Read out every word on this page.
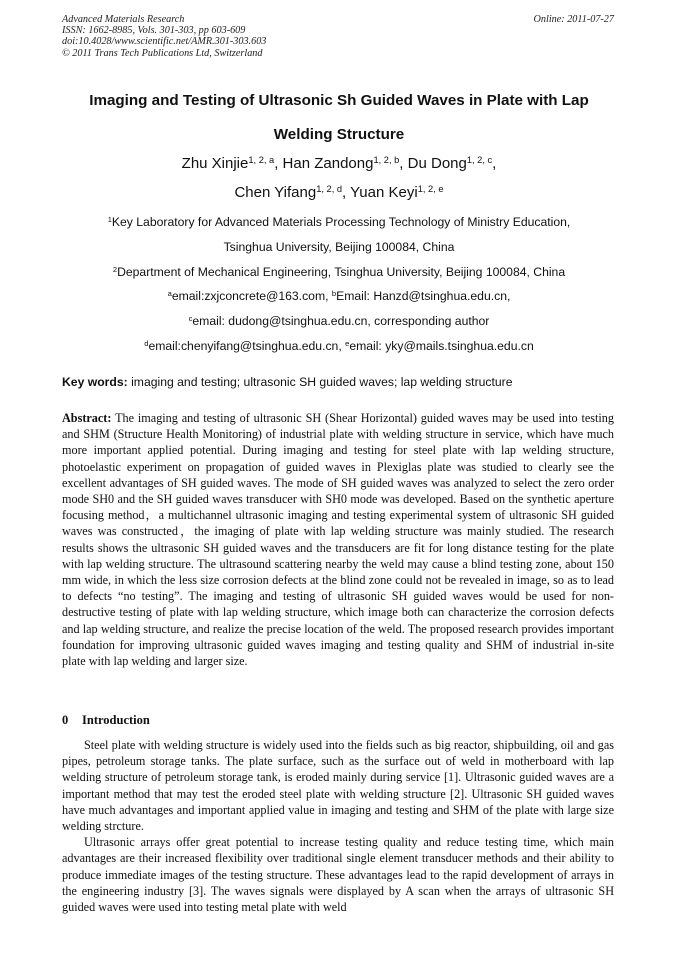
Advanced Materials Research
ISSN: 1662-8985, Vols. 301-303, pp 603-609
doi:10.4028/www.scientific.net/AMR.301-303.603
© 2011 Trans Tech Publications Ltd, Switzerland
Online: 2011-07-27
Imaging and Testing of Ultrasonic Sh Guided Waves in Plate with Lap
Welding Structure
Zhu Xinjie$^{1, 2, a}$, Han Zandong$^{1, 2, b}$, Du Dong$^{1, 2, c}$,
Chen Yifang$^{1, 2, d}$, Yuan Keyi$^{1, 2, e}$
$^1$Key Laboratory for Advanced Materials Processing Technology of Ministry Education,
Tsinghua University, Beijing 100084, China
$^2$Department of Mechanical Engineering, Tsinghua University, Beijing 100084, China
$^a$email:zxjconcrete@163.com, $^b$Email: Hanzd@tsinghua.edu.cn,
$^c$email: dudong@tsinghua.edu.cn, corresponding author
$^d$email:chenyifang@tsinghua.edu.cn, $^e$email: yky@mails.tsinghua.edu.cn
Key words: imaging and testing; ultrasonic SH guided waves; lap welding structure
Abstract: The imaging and testing of ultrasonic SH (Shear Horizontal) guided waves may be used into testing and SHM (Structure Health Monitoring) of industrial plate with welding structure in service, which have much more important applied potential. During imaging and testing for steel plate with lap welding structure, photoelastic experiment on propagation of guided waves in Plexiglas plate was studied to clearly see the excellent advantages of SH guided waves. The mode of SH guided waves was analyzed to select the zero order mode SH0 and the SH guided waves transducer with SH0 mode was developed. Based on the synthetic aperture focusing method，a multichannel ultrasonic imaging and testing experimental system of ultrasonic SH guided waves was constructed，the imaging of plate with lap welding structure was mainly studied. The research results shows the ultrasonic SH guided waves and the transducers are fit for long distance testing for the plate with lap welding structure. The ultrasound scattering nearby the weld may cause a blind testing zone, about 150 mm wide, in which the less size corrosion defects at the blind zone could not be revealed in image, so as to lead to defects “no testing”. The imaging and testing of ultrasonic SH guided waves would be used for non-destructive testing of plate with lap welding structure, which image both can characterize the corrosion defects and lap welding structure, and realize the precise location of the weld. The proposed research provides important foundation for improving ultrasonic guided waves imaging and testing quality and SHM of industrial in-site plate with lap welding and larger size.
0 Introduction

Steel plate with welding structure is widely used into the fields such as big reactor, shipbuilding, oil and gas pipes, petroleum storage tanks. The plate surface, such as the surface out of weld in motherboard with lap welding structure of petroleum storage tank, is eroded mainly during service [1]. Ultrasonic guided waves are a important method that may test the eroded steel plate with welding structure [2]. Ultrasonic SH guided waves have much advantages and important applied value in imaging and testing and SHM of the plate with large size welding strcture.

Ultrasonic arrays offer great potential to increase testing quality and reduce testing time, which main advantages are their increased flexibility over traditional single element transducer methods and their ability to produce immediate images of the testing structure. These advantages lead to the rapid development of arrays in the engineering industry [3]. The waves signals were displayed by A scan when the arrays of ultrasonic SH guided waves were used into testing metal plate with weld
